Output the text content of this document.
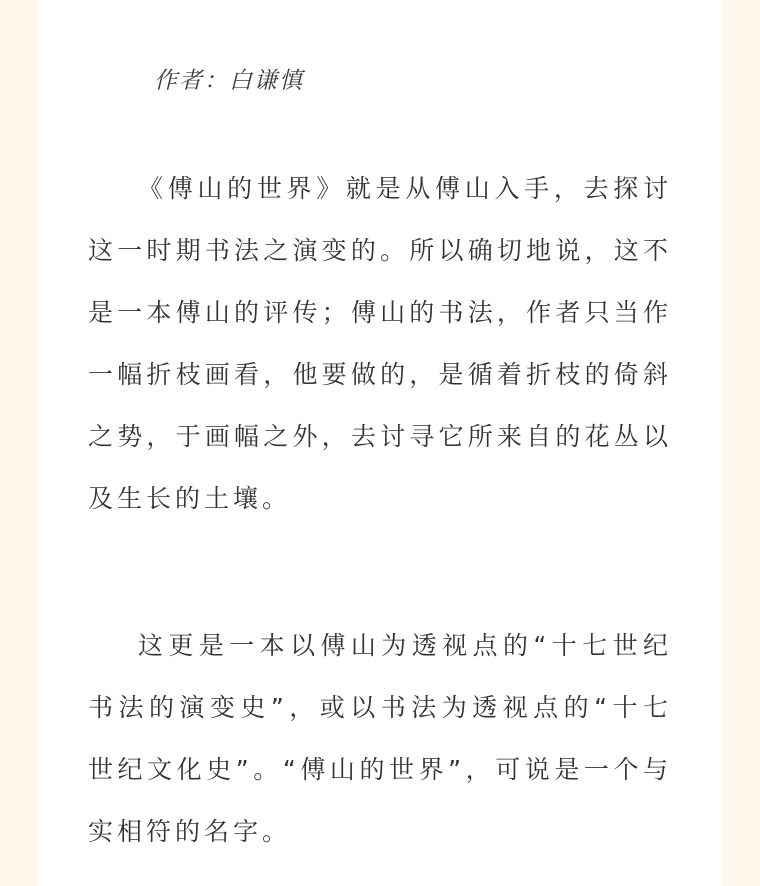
作者：白谦慎

《傅山的世界》就是从傅山入手，去探讨这一时期书法之演变的。所以确切地说，这不是一本傅山的评传；傅山的书法，作者只当作一幅折枝画看，他要做的，是循着折枝的倚斜之势，于画幅之外，去讨寻它所来自的花丛以及生长的土壤。

这更是一本以傅山为透视点的“十七世纪书法的演变史”，或以书法为透视点的“十七世纪文化史”。“傅山的世界”，可说是一个与实相符的名字。
